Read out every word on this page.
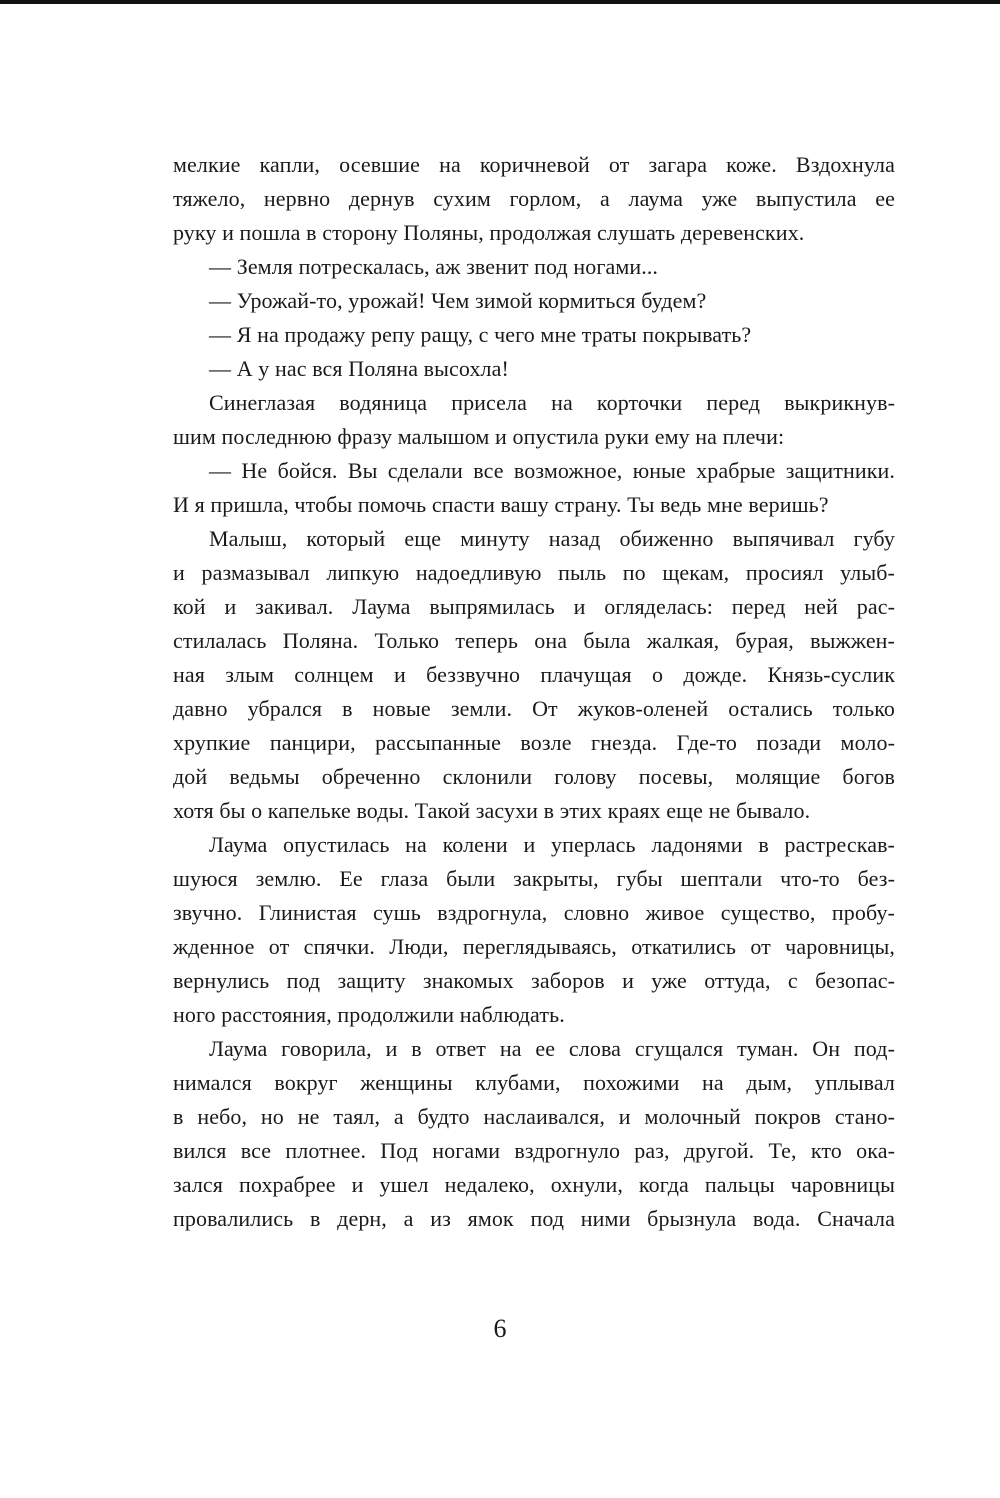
мелкие капли, осевшие на коричневой от загара коже. Вздохнула
тяжело, нервно дернув сухим горлом, а лаума уже выпустила ее
руку и пошла в сторону Поляны, продолжая слушать деревенских.
— Земля потрескалась, аж звенит под ногами...
— Урожай-то, урожай! Чем зимой кормиться будем?
— Я на продажу репу ращу, с чего мне траты покрывать?
— А у нас вся Поляна высохла!
Синеглазая водяница присела на корточки перед выкрикнув-
шим последнюю фразу малышом и опустила руки ему на плечи:
— Не бойся. Вы сделали все возможное, юные храбрые защитники.
И я пришла, чтобы помочь спасти вашу страну. Ты ведь мне веришь?
Малыш, который еще минуту назад обиженно выпячивал губу
и размазывал липкую надоедливую пыль по щекам, просиял улыб-
кой и закивал. Лаума выпрямилась и огляделась: перед ней рас-
стилалась Поляна. Только теперь она была жалкая, бурая, выжжен-
ная злым солнцем и беззвучно плачущая о дожде. Князь-суслик
давно убрался в новые земли. От жуков-оленей остались только
хрупкие панцири, рассыпанные возле гнезда. Где-то позади моло-
дой ведьмы обреченно склонили голову посевы, молящие богов
хотя бы о капельке воды. Такой засухи в этих краях еще не бывало.
Лаума опустилась на колени и уперлась ладонями в растрескав-
шуюся землю. Ее глаза были закрыты, губы шептали что-то без-
звучно. Глинистая сушь вздрогнула, словно живое существо, пробу-
жденное от спячки. Люди, переглядываясь, откатились от чаровницы,
вернулись под защиту знакомых заборов и уже оттуда, с безопас-
ного расстояния, продолжили наблюдать.
Лаума говорила, и в ответ на ее слова сгущался туман. Он под-
нимался вокруг женщины клубами, похожими на дым, уплывал
в небо, но не таял, а будто наслаивался, и молочный покров стано-
вился все плотнее. Под ногами вздрогнуло раз, другой. Те, кто ока-
зался похрабрее и ушел недалеко, охнули, когда пальцы чаровницы
провалились в дерн, а из ямок под ними брызнула вода. Сначала
6
